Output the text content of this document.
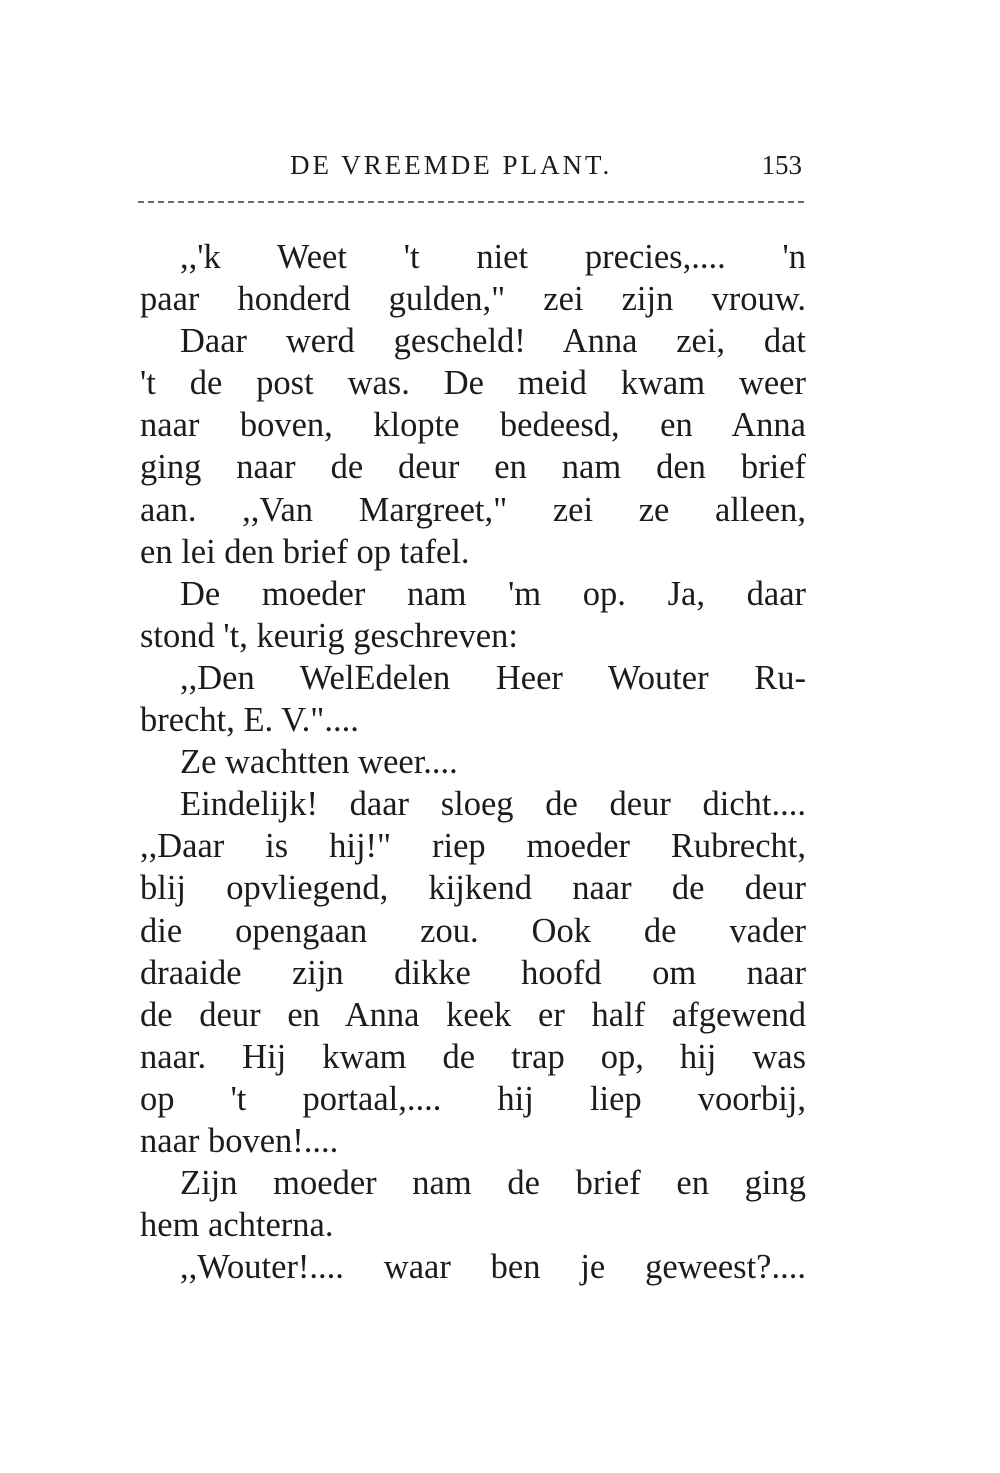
DE VREEMDE PLANT.	153
,,'k Weet 't niet precies,.... 'n
paar honderd gulden," zei zijn vrouw.
Daar werd gescheld! Anna zei, dat
't de post was. De meid kwam weer
naar boven, klopte bedeesd, en Anna
ging naar de deur en nam den brief
aan. ,,Van Margreet," zei ze alleen,
en lei den brief op tafel.
De moeder nam 'm op. Ja, daar
stond 't, keurig geschreven:
,,Den WelEdelen Heer Wouter Ru-
brecht, E. V."....
Ze wachtten weer....
Eindelijk! daar sloeg de deur dicht....
,,Daar is hij!" riep moeder Rubrecht,
blij opvliegend, kijkend naar de deur
die opengaan zou. Ook de vader
draaide zijn dikke hoofd om naar
de deur en Anna keek er half afgewend
naar. Hij kwam de trap op, hij was
op 't portaal,.... hij liep voorbij,
naar boven!....
Zijn moeder nam de brief en ging
hem achterna.
,,Wouter!.... waar ben je geweest?....
